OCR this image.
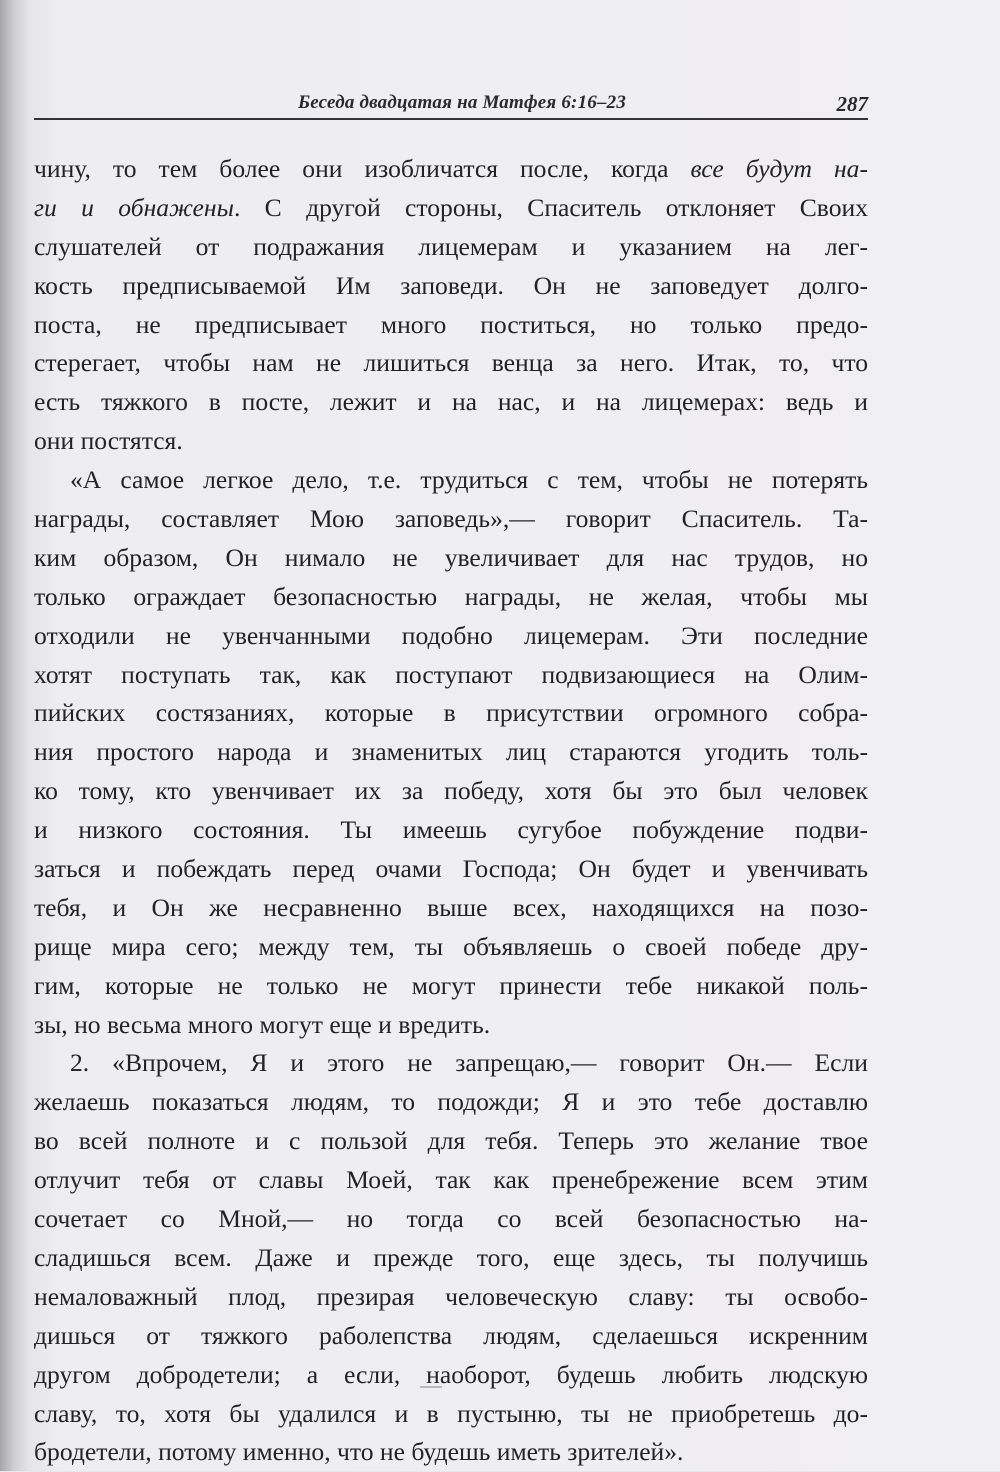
Беседа двадцатая на Матфея 6:16–23	287
чину, то тем более они изобличатся после, когда все будут на-
ги и обнажены. С другой стороны, Спаситель отклоняет Своих
слушателей от подражания лицемерам и указанием на лег-
кость предписываемой Им заповеди. Он не заповедует долго-
поста, не предписывает много поститься, но только предо-
стерегает, чтобы нам не лишиться венца за него. Итак, то, что
есть тяжкого в посте, лежит и на нас, и на лицемерах: ведь и
они постятся.
«А самое легкое дело, т.е. трудиться с тем, чтобы не потерять
награды, составляет Мою заповедь»,— говорит Спаситель. Та-
ким образом, Он нимало не увеличивает для нас трудов, но
только ограждает безопасностью награды, не желая, чтобы мы
отходили не увенчанными подобно лицемерам. Эти последние
хотят поступать так, как поступают подвизающиеся на Олим-
пийских состязаниях, которые в присутствии огромного собра-
ния простого народа и знаменитых лиц стараются угодить толь-
ко тому, кто увенчивает их за победу, хотя бы это был человек
и низкого состояния. Ты имеешь сугубое побуждение подви-
заться и побеждать перед очами Господа; Он будет и увенчивать
тебя, и Он же несравненно выше всех, находящихся на позо-
рище мира сего; между тем, ты объявляешь о своей победе дру-
гим, которые не только не могут принести тебе никакой поль-
зы, но весьма много могут еще и вредить.
2. «Впрочем, Я и этого не запрещаю,— говорит Он.— Если
желаешь показаться людям, то подожди; Я и это тебе доставлю
во всей полноте и с пользой для тебя. Теперь это желание твое
отлучит тебя от славы Моей, так как пренебрежение всем этим
сочетает со Мной,— но тогда со всей безопасностью на-
сладишься всем. Даже и прежде того, еще здесь, ты получишь
немаловажный плод, презирая человеческую славу: ты освобо-
дишься от тяжкого раболепства людям, сделаешься искренним
другом добродетели; а если, наоборот, будешь любить людскую
славу, то, хотя бы удалился и в пустыню, ты не приобретешь до-
бродетели, потому именно, что не будешь иметь зрителей».
